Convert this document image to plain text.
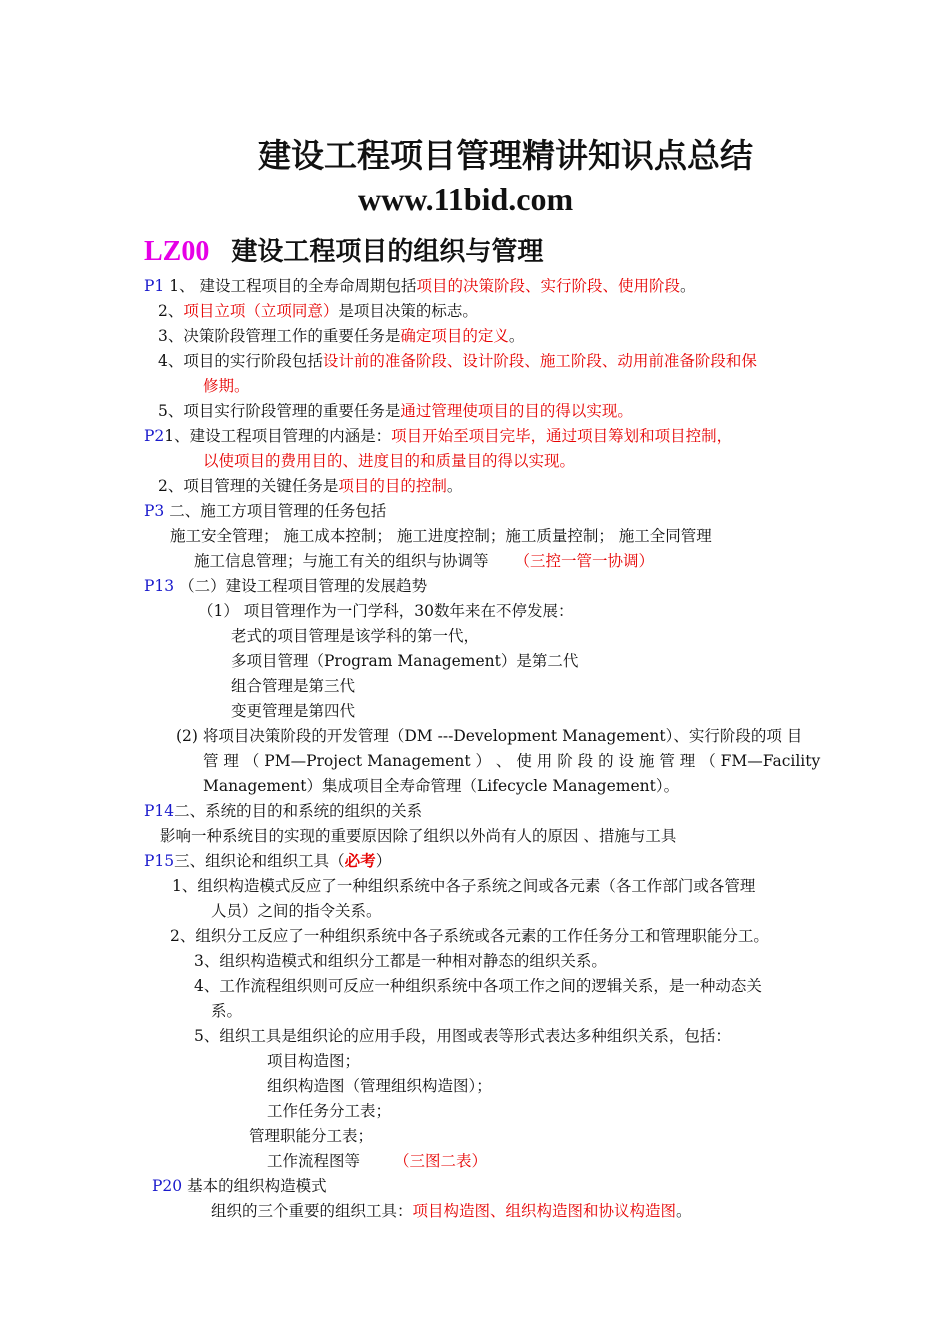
建设工程项目管理精讲知识点总结
www.11bid.com
LZ00 建设工程项目的组织与管理
P1 1、 建设工程项目的全寿命周期包括项目的决策阶段、实行阶段、使用阶段。
2、项目立项（立项同意）是项目决策的标志。
3、决策阶段管理工作的重要任务是确定项目的定义。
4、项目的实行阶段包括设计前的准备阶段、设计阶段、施工阶段、动用前准备阶段和保
修期。
5、项目实行阶段管理的重要任务是通过管理使项目的目的得以实现。
P21、建设工程项目管理的内涵是：项目开始至项目完毕，通过项目筹划和项目控制，
以使项目的费用目的、进度目的和质量目的得以实现。
2、项目管理的关键任务是项目的目的控制。
P3 二、施工方项目管理的任务包括
施工安全管理； 施工成本控制； 施工进度控制；施工质量控制； 施工全同管理
施工信息管理；与施工有关的组织与协调等 （三控一管一协调）
P13 （二）建设工程项目管理的发展趋势
（1） 项目管理作为一门学科，30数年来在不停发展：
老式的项目管理是该学科的第一代，
多项目管理（Program Management）是第二代
组合管理是第三代
变更管理是第四代
(2) 将项目决策阶段的开发管理（DM ---Development Management）、实行阶段的项 目
管 理 （ PM—Project Management ） 、 使 用 阶 段 的 设 施 管 理 （ FM—Facility
Management）集成项目全寿命管理（Lifecycle Management）。
P14二、系统的目的和系统的组织的关系
影响一种系统目的实现的重要原因除了组织以外尚有人的原因 、措施与工具
P15三、组织论和组织工具（必考）
1、组织构造模式反应了一种组织系统中各子系统之间或各元素（各工作部门或各管理
人员）之间的指令关系。
2、组织分工反应了一种组织系统中各子系统或各元素的工作任务分工和管理职能分工。
3、组织构造模式和组织分工都是一种相对静态的组织关系。
4、工作流程组织则可反应一种组织系统中各项工作之间的逻辑关系，是一种动态关
系。
5、组织工具是组织论的应用手段，用图或表等形式表达多种组织关系，包括：
项目构造图；
组织构造图（管理组织构造图）；
工作任务分工表；
管理职能分工表；
工作流程图等 （三图二表）
P20 基本的组织构造模式
组织的三个重要的组织工具：项目构造图、组织构造图和协议构造图。
